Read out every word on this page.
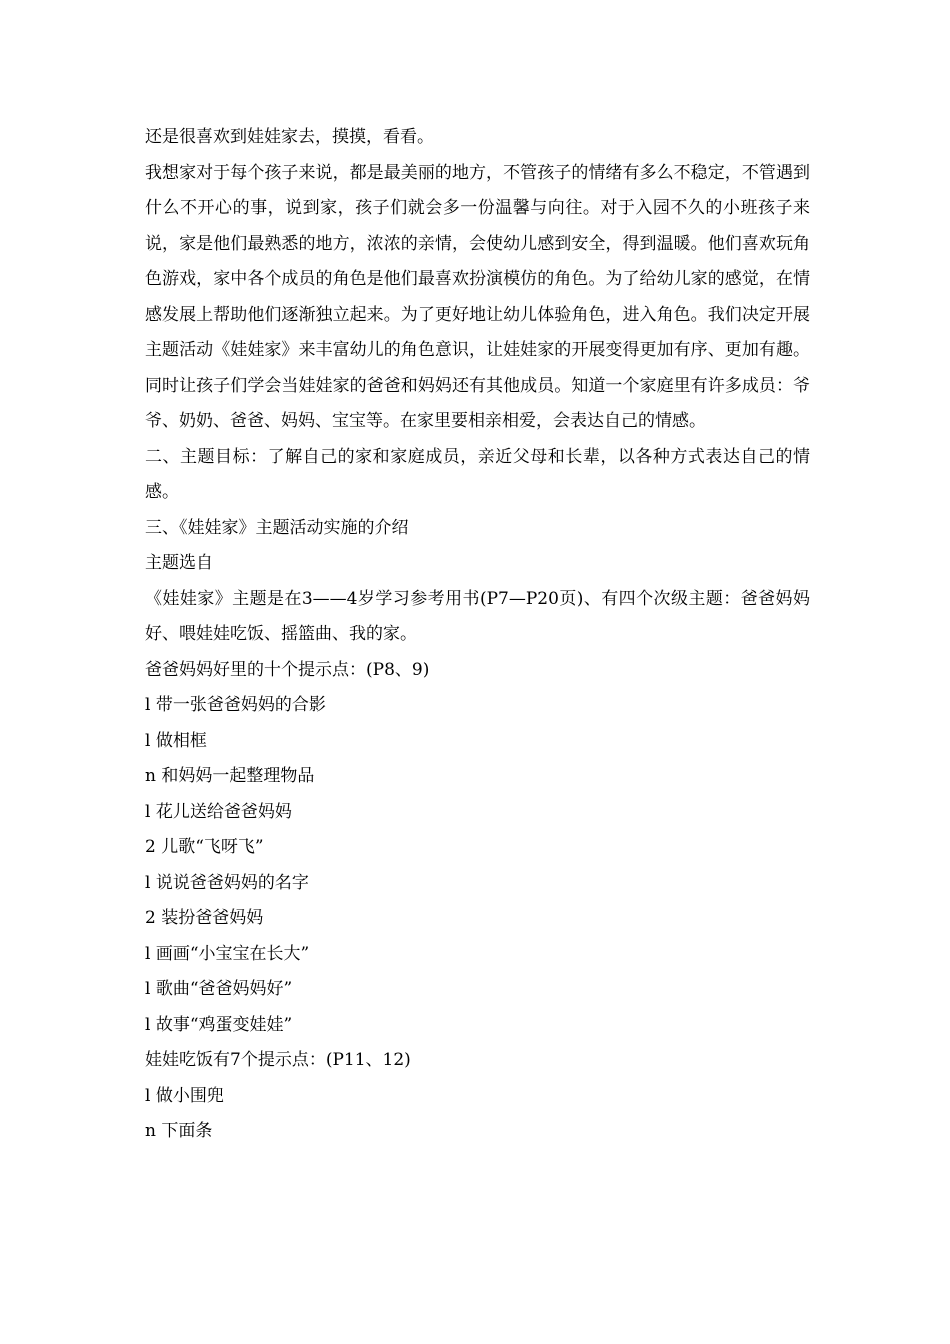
还是很喜欢到娃娃家去，摸摸，看看。

我想家对于每个孩子来说，都是最美丽的地方，不管孩子的情绪有多么不稳定，不管遇到什么不开心的事，说到家，孩子们就会多一份温馨与向往。对于入园不久的小班孩子来说，家是他们最熟悉的地方，浓浓的亲情，会使幼儿感到安全，得到温暖。他们喜欢玩角色游戏，家中各个成员的角色是他们最喜欢扮演模仿的角色。为了给幼儿家的感觉，在情感发展上帮助他们逐渐独立起来。为了更好地让幼儿体验角色，进入角色。我们决定开展主题活动《娃娃家》来丰富幼儿的角色意识，让娃娃家的开展变得更加有序、更加有趣。同时让孩子们学会当娃娃家的爸爸和妈妈还有其他成员。知道一个家庭里有许多成员：爷爷、奶奶、爸爸、妈妈、宝宝等。在家里要相亲相爱，会表达自己的情感。

二、主题目标：了解自己的家和家庭成员，亲近父母和长辈，以各种方式表达自己的情感。

三、《娃娃家》主题活动实施的介绍

主题选自

《娃娃家》主题是在3——4岁学习参考用书(P7—P20页)、有四个次级主题：爸爸妈妈好、喂娃娃吃饭、摇篮曲、我的家。

爸爸妈妈好里的十个提示点：(P8、9)

l 带一张爸爸妈妈的合影

l 做相框

n 和妈妈一起整理物品

l 花儿送给爸爸妈妈

2 儿歌“飞呀飞”

l 说说爸爸妈妈的名字

2 装扮爸爸妈妈

l 画画“小宝宝在长大”

l 歌曲“爸爸妈妈好”

l 故事“鸡蛋变娃娃”

娃娃吃饭有7个提示点：(P11、12)

l 做小围兜

n 下面条
